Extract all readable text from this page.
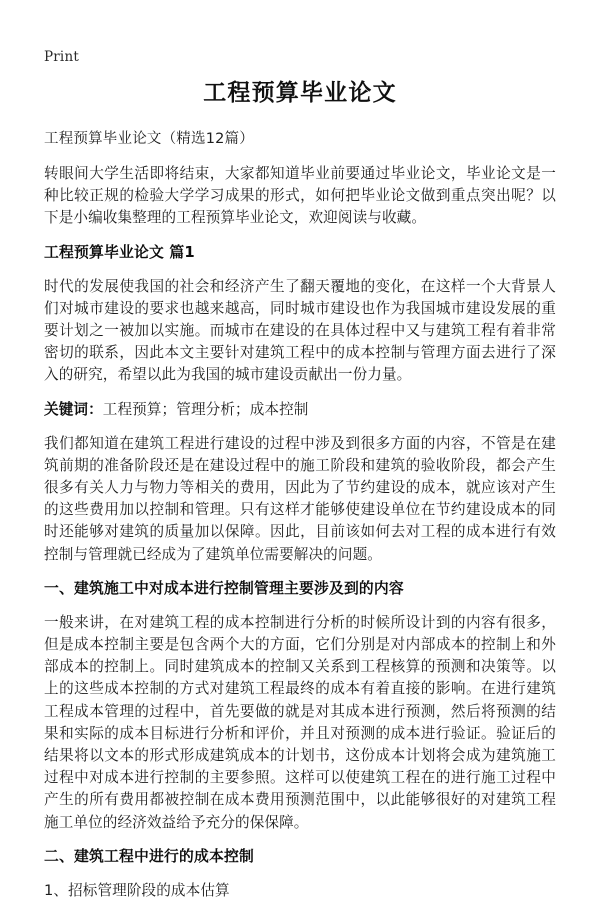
Print
工程预算毕业论文
工程预算毕业论文（精选12篇）

转眼间大学生活即将结束，大家都知道毕业前要通过毕业论文，毕业论文是一种比较正规的检验大学学习成果的形式，如何把毕业论文做到重点突出呢？以下是小编收集整理的工程预算毕业论文，欢迎阅读与收藏。

工程预算毕业论文 篇1

时代的发展使我国的社会和经济产生了翻天覆地的变化，在这样一个大背景人们对城市建设的要求也越来越高，同时城市建设也作为我国城市建设发展的重要计划之一被加以实施。而城市在建设的在具体过程中又与建筑工程有着非常密切的联系，因此本文主要针对建筑工程中的成本控制与管理方面去进行了深入的研究，希望以此为我国的城市建设贡献出一份力量。

关键词：工程预算；管理分析；成本控制

我们都知道在建筑工程进行建设的过程中涉及到很多方面的内容，不管是在建筑前期的准备阶段还是在建设过程中的施工阶段和建筑的验收阶段，都会产生很多有关人力与物力等相关的费用，因此为了节约建设的成本，就应该对产生的这些费用加以控制和管理。只有这样才能够使建设单位在节约建设成本的同时还能够对建筑的质量加以保障。因此，目前该如何去对工程的成本进行有效控制与管理就已经成为了建筑单位需要解决的问题。

一、建筑施工中对成本进行控制管理主要涉及到的内容

一般来讲，在对建筑工程的成本控制进行分析的时候所设计到的内容有很多，但是成本控制主要是包含两个大的方面，它们分别是对内部成本的控制上和外部成本的控制上。同时建筑成本的控制又关系到工程核算的预测和决策等。以上的这些成本控制的方式对建筑工程最终的成本有着直接的影响。在进行建筑工程成本管理的过程中，首先要做的就是对其成本进行预测，然后将预测的结果和实际的成本目标进行分析和评价，并且对预测的成本进行验证。验证后的结果将以文本的形式形成建筑成本的计划书，这份成本计划将会成为建筑施工过程中对成本进行控制的主要参照。这样可以使建筑工程在的进行施工过程中产生的所有费用都被控制在成本费用预测范围中，以此能够很好的对建筑工程施工单位的经济效益给予充分的保保障。

二、建筑工程中进行的成本控制
1、招标管理阶段的成本估算
